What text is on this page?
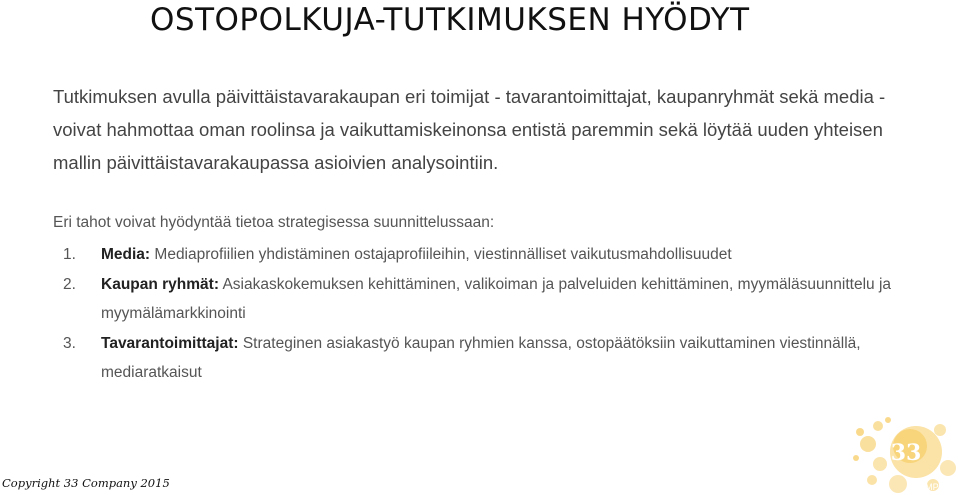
OSTOPOLKUJA-TUTKIMUKSEN HYÖDYT

Tutkimuksen avulla päivittäistavarakaupan eri toimijat - tavarantoimittajat, kaupanryhmät sekä media - voivat hahmottaa oman roolinsa ja vaikuttamiskeinonsa entistä paremmin sekä löytää uuden yhteisen mallin päivittäistavarakaupassa asioivien analysointiin.

Eri tahot voivat hyödyntää tietoa strategisessa suunnittelussaan:

1. Media: Mediaprofiilien yhdistäminen ostajaprofiileihin, viestinnälliset vaikutusmahdollisuudet
2. Kaupan ryhmät: Asiakaskokemuksen kehittäminen, valikoiman ja palveluiden kehittäminen, myymäläsuunnittelu ja myymälämarkkinointi
3. Tavarantoimittajat: Strateginen asiakastyö kaupan ryhmien kanssa, ostopäätöksiin vaikuttaminen viestinnällä, mediaratkaisut
Copyright 33 Company 2015
33
COMPANY
